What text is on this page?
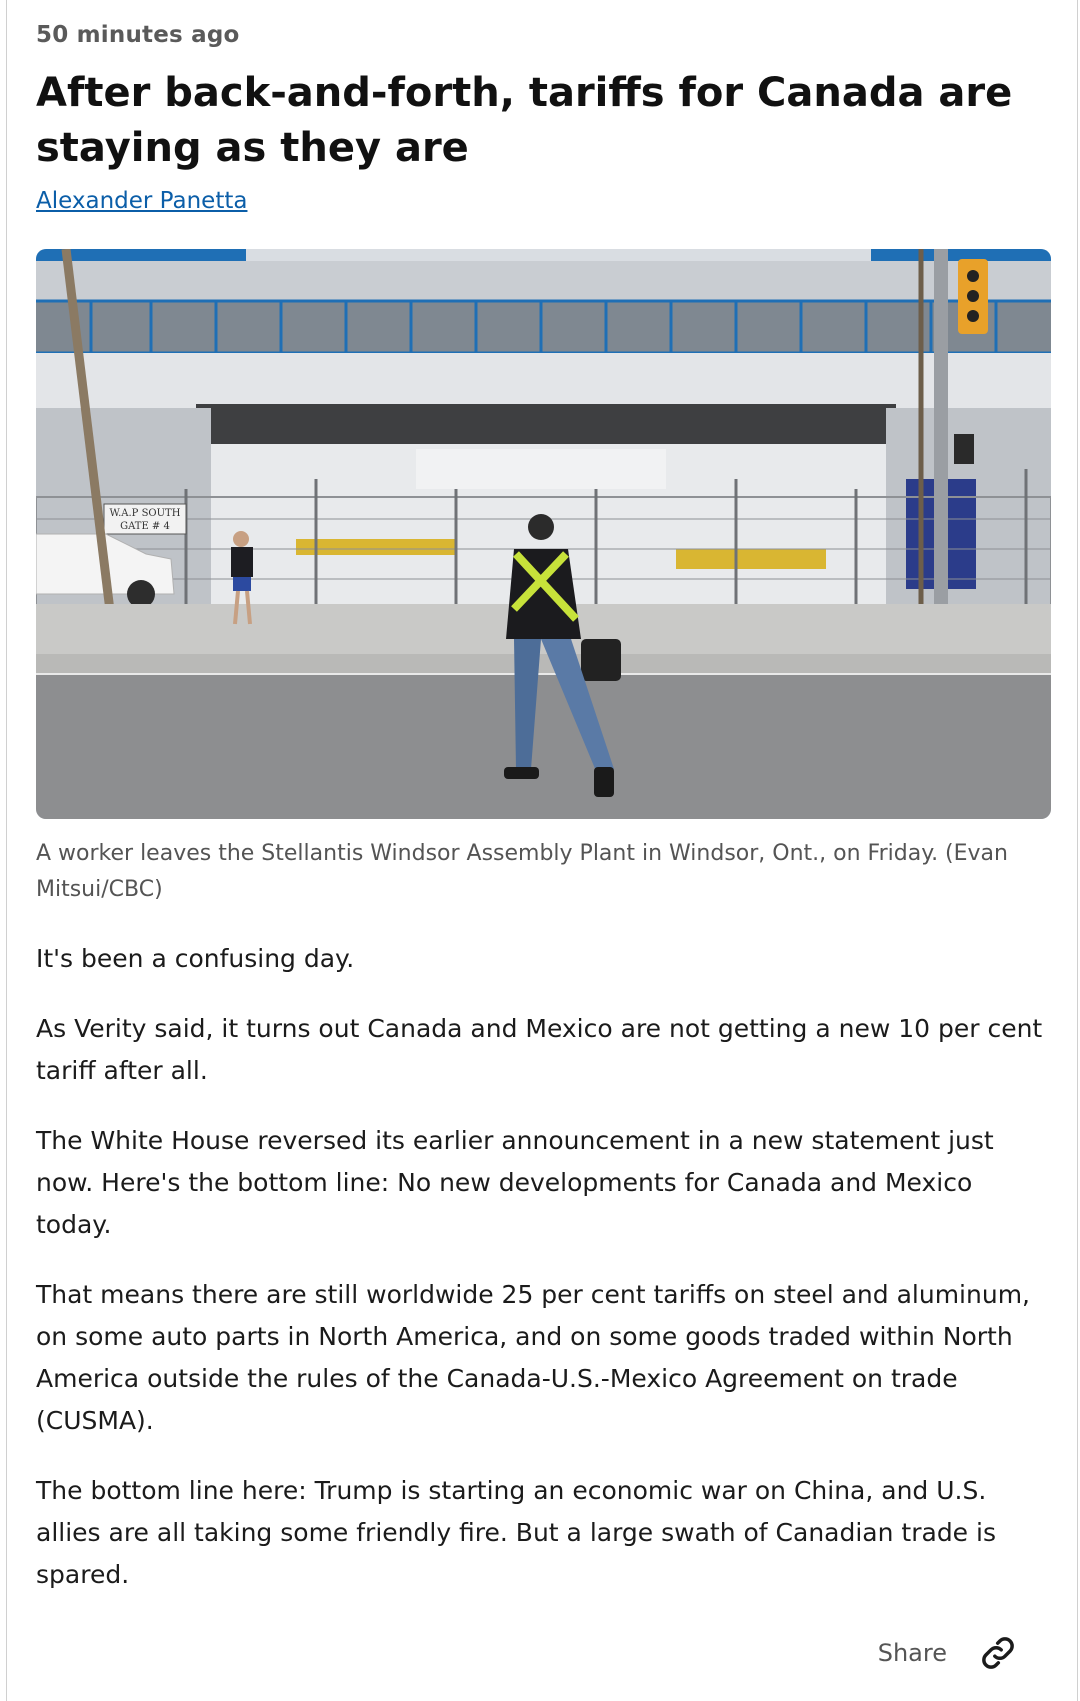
50 minutes ago
After back-and-forth, tariffs for Canada are staying as they are
Alexander Panetta
W.A.P SOUTH
GATE # 4

A worker leaves the Stellantis Windsor Assembly Plant in Windsor, Ont., on Friday. (Evan Mitsui/CBC)

It's been a confusing day.

As Verity said, it turns out Canada and Mexico are not getting a new 10 per cent tariff after all.

The White House reversed its earlier announcement in a new statement just now. Here's the bottom line: No new developments for Canada and Mexico today.

That means there are still worldwide 25 per cent tariffs on steel and aluminum, on some auto parts in North America, and on some goods traded within North America outside the rules of the Canada-U.S.-Mexico Agreement on trade (CUSMA).

The bottom line here: Trump is starting an economic war on China, and U.S. allies are all taking some friendly fire. But a large swath of Canadian trade is spared.

Share
